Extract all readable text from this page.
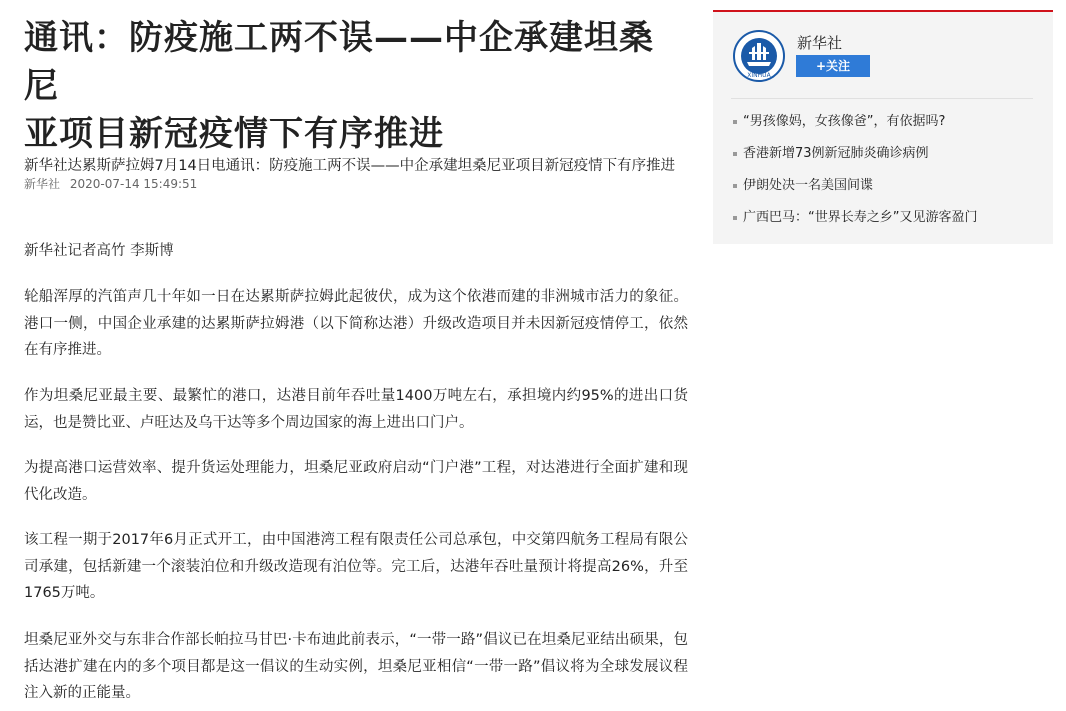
通讯：防疫施工两不误——中企承建坦桑尼
亚项目新冠疫情下有序推进
新华社 2020-07-14 15:49:51

新华社达累斯萨拉姆7月14日电通讯：防疫施工两不误——中企承建坦桑尼亚项目新冠疫情下有序推进

新华社记者高竹 李斯博

轮船浑厚的汽笛声几十年如一日在达累斯萨拉姆此起彼伏，成为这个依港而建的非洲城市活力的象征。港口一侧，中国企业承建的达累斯萨拉姆港（以下简称达港）升级改造项目并未因新冠疫情停工，依然在有序推进。

作为坦桑尼亚最主要、最繁忙的港口，达港目前年吞吐量1400万吨左右，承担境内约95%的进出口货运，也是赞比亚、卢旺达及乌干达等多个周边国家的海上进出口门户。

为提高港口运营效率、提升货运处理能力，坦桑尼亚政府启动“门户港”工程，对达港进行全面扩建和现代化改造。

该工程一期于2017年6月正式开工，由中国港湾工程有限责任公司总承包，中交第四航务工程局有限公司承建，包括新建一个滚装泊位和升级改造现有泊位等。完工后，达港年吞吐量预计将提高26%，升至1765万吨。

坦桑尼亚外交与东非合作部长帕拉马甘巴·卡布迪此前表示，“一带一路”倡议已在坦桑尼亚结出硕果，包括达港扩建在内的多个项目都是这一倡议的生动实例，坦桑尼亚相信“一带一路”倡议将为全球发展议程注入新的正能量。

XINHUA
新华社
+关注
“男孩像妈，女孩像爸”，有依据吗?
香港新增73例新冠肺炎确诊病例
伊朗处决一名美国间谍
广西巴马：“世界长寿之乡”又见游客盈门
